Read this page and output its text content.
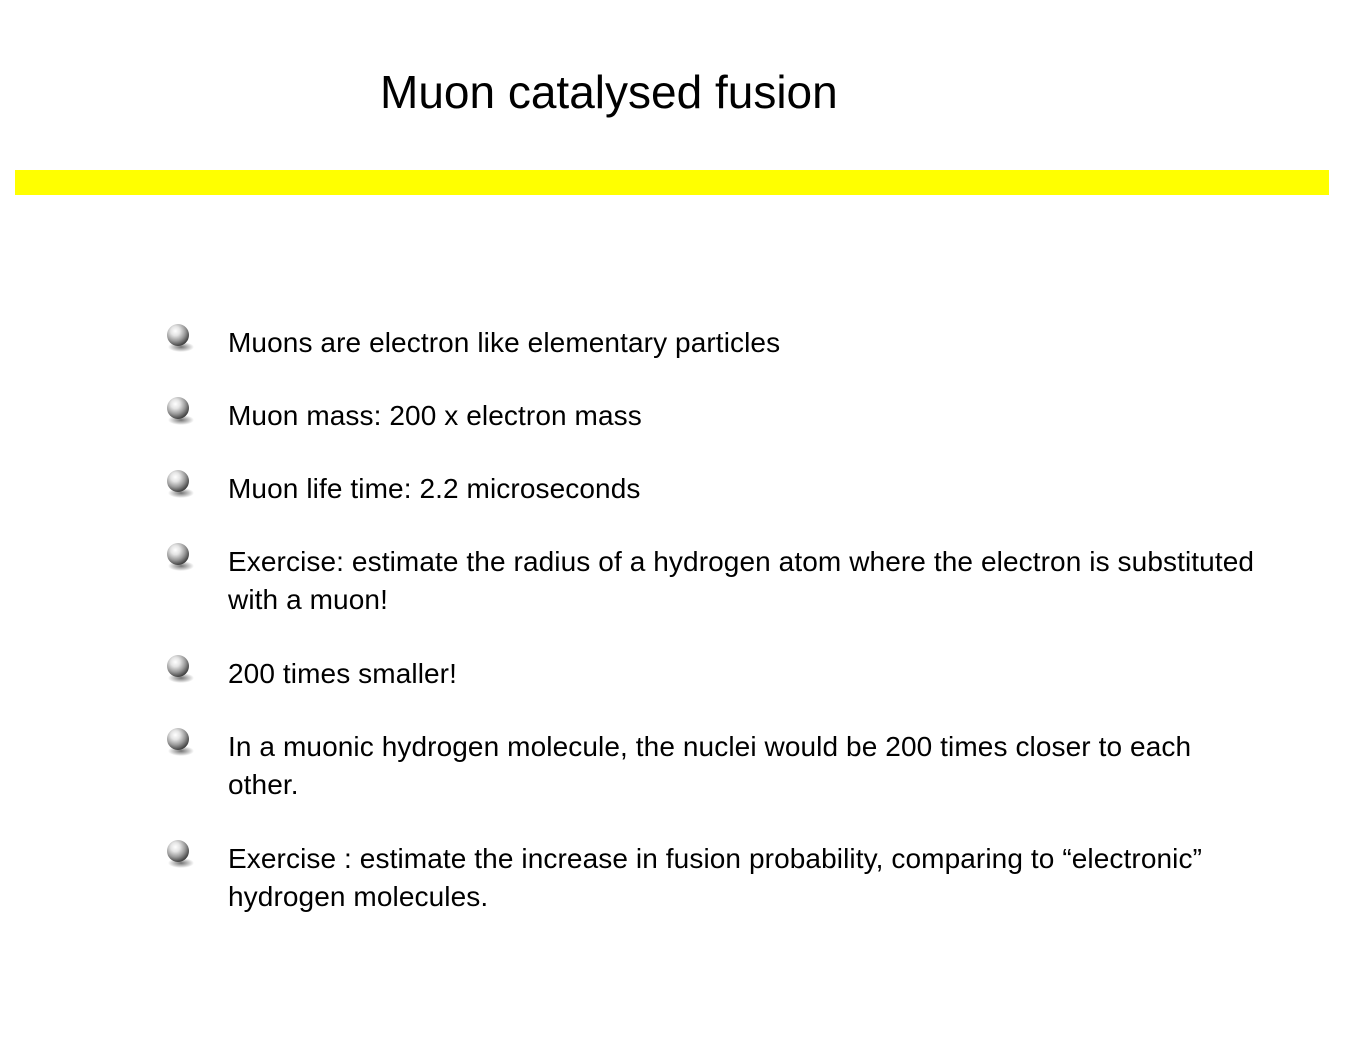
Muon catalysed fusion
Muons are electron like elementary particles
Muon mass: 200 x electron mass
Muon life time: 2.2 microseconds
Exercise: estimate the radius of a hydrogen atom where the electron is substituted with a muon!
200 times smaller!
In a muonic hydrogen molecule, the nuclei would be 200 times closer to each other.
Exercise : estimate the increase in fusion probability, comparing to “electronic” hydrogen molecules.
